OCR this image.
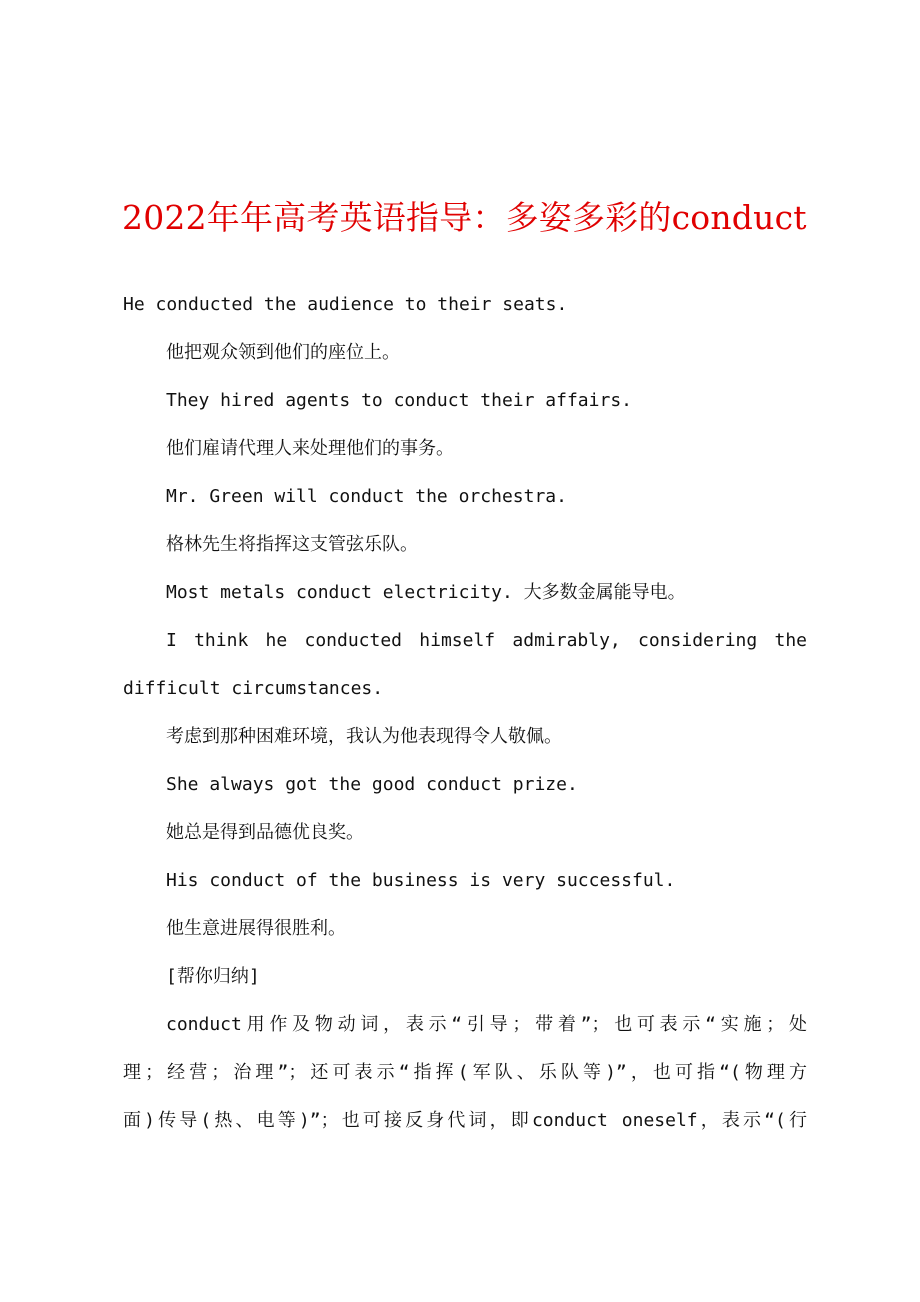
2022年年高考英语指导：多姿多彩的conduct
He conducted the audience to their seats.
他把观众领到他们的座位上。
They hired agents to conduct their affairs.
他们雇请代理人来处理他们的事务。
Mr. Green will conduct the orchestra.
格林先生将指挥这支管弦乐队。
Most metals conduct electricity. 大多数金属能导电。
I think he conducted himself admirably, considering the
difficult circumstances.
考虑到那种困难环境，我认为他表现得令人敬佩。
She always got the good conduct prize.
她总是得到品德优良奖。
His conduct of the business is very successful.
他生意进展得很胜利。
[帮你归纳]
conduct用作及物动词，表示“引导；带着”；也可表示“实施；处
理；经营；治理”；还可表示“指挥(军队、乐队等)”，也可指“(物理方
面)传导(热、电等)”；也可接反身代词，即conduct oneself，表示“(行
